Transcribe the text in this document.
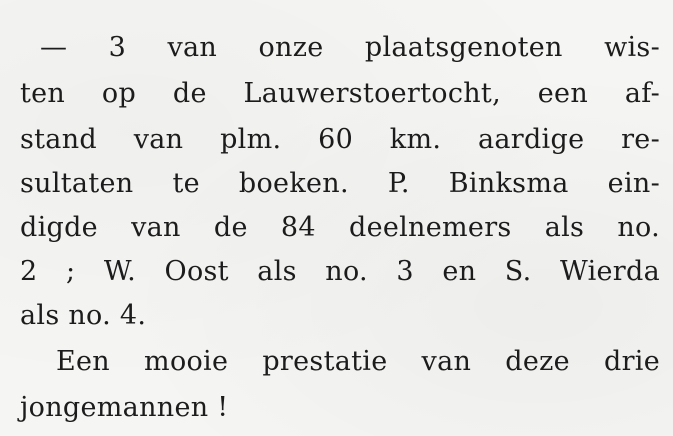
— 3 van onze plaatsgenoten wis-

ten op de Lauwerstoertocht, een af-

stand van plm. 60 km. aardige re-

sultaten te boeken. P. Binksma ein-

digde van de 84 deelnemers als no.

2 ; W. Oost als no. 3 en S. Wierda

als no. 4.

Een mooie prestatie van deze drie

jongemannen !
